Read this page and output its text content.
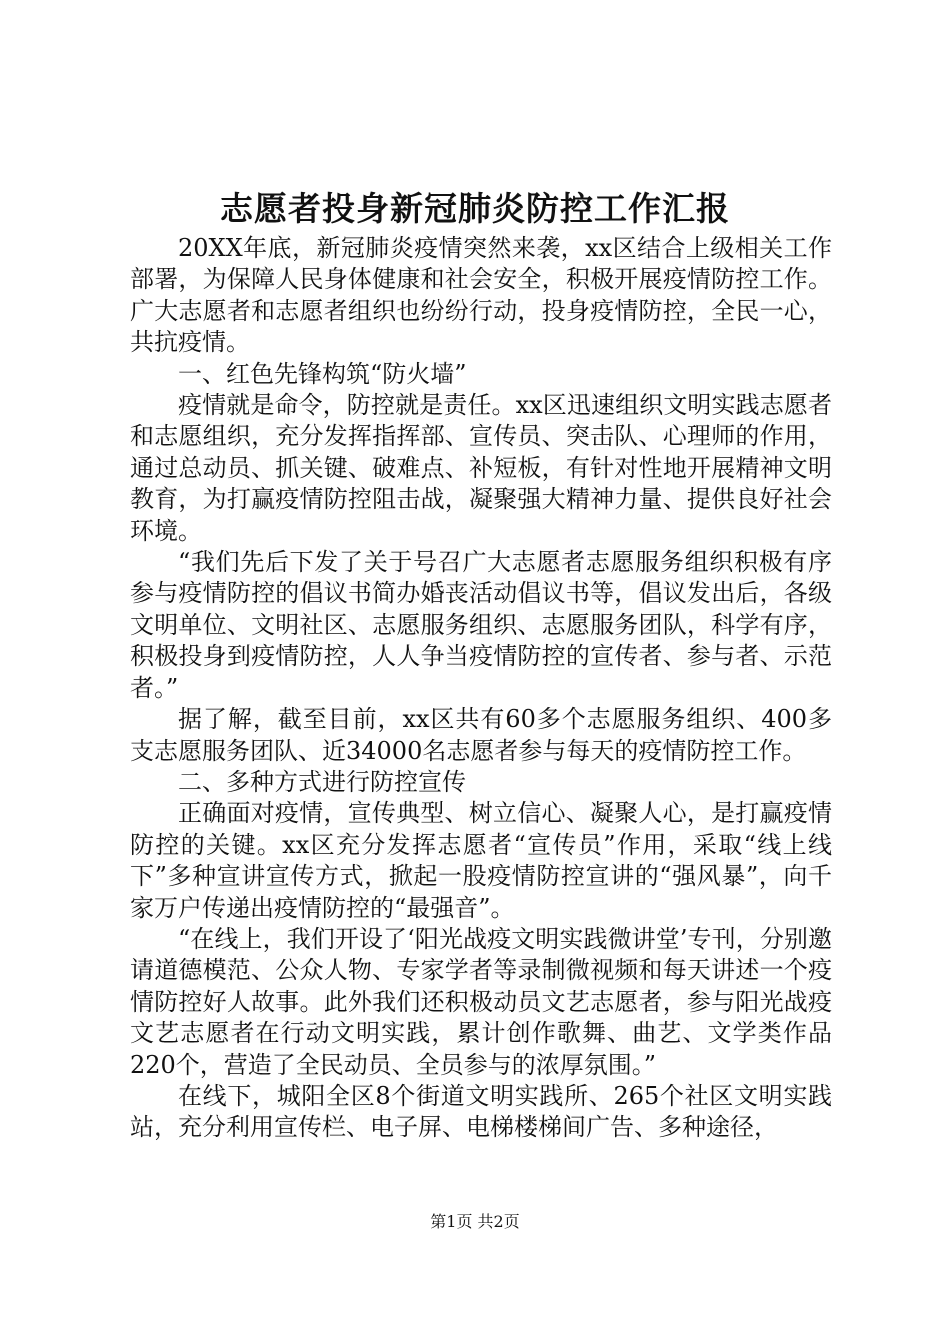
志愿者投身新冠肺炎防控工作汇报

20XX年底，新冠肺炎疫情突然来袭，xx区结合上级相关工作部署，为保障人民身体健康和社会安全，积极开展疫情防控工作。广大志愿者和志愿者组织也纷纷行动，投身疫情防控，全民一心，共抗疫情。

一、红色先锋构筑“防火墙”

疫情就是命令，防控就是责任。xx区迅速组织文明实践志愿者和志愿组织，充分发挥指挥部、宣传员、突击队、心理师的作用，通过总动员、抓关键、破难点、补短板，有针对性地开展精神文明教育，为打赢疫情防控阻击战，凝聚强大精神力量、提供良好社会环境。

“我们先后下发了关于号召广大志愿者志愿服务组织积极有序参与疫情防控的倡议书简办婚丧活动倡议书等，倡议发出后，各级文明单位、文明社区、志愿服务组织、志愿服务团队，科学有序，积极投身到疫情防控，人人争当疫情防控的宣传者、参与者、示范者。”

据了解，截至目前，xx区共有60多个志愿服务组织、400多支志愿服务团队、近34000名志愿者参与每天的疫情防控工作。

二、多种方式进行防控宣传

正确面对疫情，宣传典型、树立信心、凝聚人心，是打赢疫情防控的关键。xx区充分发挥志愿者“宣传员”作用，采取“线上线下”多种宣讲宣传方式，掀起一股疫情防控宣讲的“强风暴”，向千家万户传递出疫情防控的“最强音”。

“在线上，我们开设了‘阳光战疫文明实践微讲堂’专刊，分别邀请道德模范、公众人物、专家学者等录制微视频和每天讲述一个疫情防控好人故事。此外我们还积极动员文艺志愿者，参与阳光战疫文艺志愿者在行动文明实践，累计创作歌舞、曲艺、文学类作品220个，营造了全民动员、全员参与的浓厚氛围。”

在线下，城阳全区8个街道文明实践所、265个社区文明实践站，充分利用宣传栏、电子屏、电梯楼梯间广告、多种途径，

第1页 共2页
